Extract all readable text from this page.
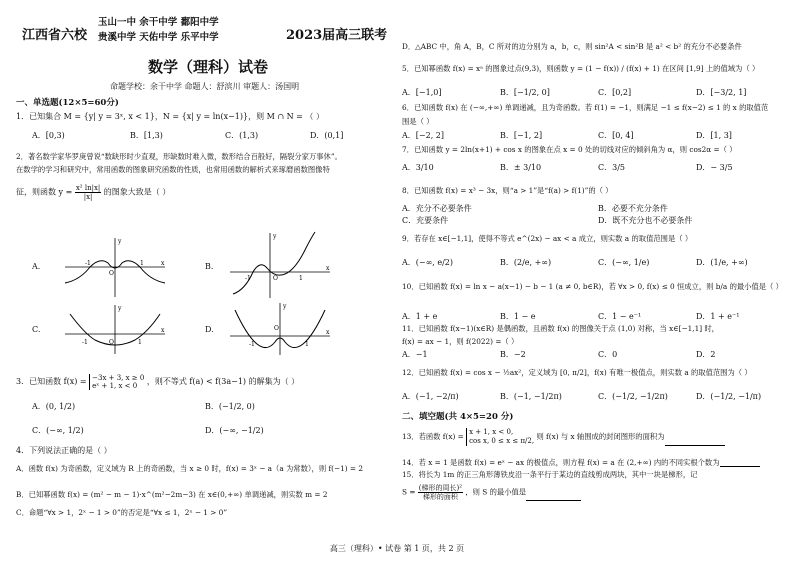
江西省六校
玉山一中 余干中学 鄱阳中学
贵溪中学 天佑中学 乐平中学	2023届高三联考
数学（理科）试卷
命题学校：余干中学 命题人：舒滨川 审题人：汤国明
一、单选题(12×5=60分)
1．已知集合 M = {y| y = 3ˣ, x < 1}，N = {x| y = ln(x−1)}，则 M ∩ N = （ ）
A．[0,3)	B．[1,3)	C．(1,3)	D．(0,1]
2．著名数学家华罗庚曾说“数缺形时少直观，形缺数时难入微，数形结合百般好，隔裂分家万事休”。
在数学的学习和研究中，常用函数的图象研究函数的性质，也常用函数的解析式来琢磨函数图像特
征，则函数 $y = \frac{\text{x² ln|x|}}{|x|}$ 的图象大致是（ ）
A.	x
y
-1	1
O
B.	x
y
-1	1
O
C.	x
y
-1	1
O
D.	x
y
-1	1
O
3．已知函数 f(x) = −3x + 3, x ≥ 0
eˣ + 1, x < 0	，则不等式 f(a) < f(3a−1) 的解集为（ ）
A．(0, 1/2)	B．(−1/2, 0)
C．(−∞, 1/2)	D．(−∞, −1/2)
4．下列说法正确的是（ ）
A．函数 f(x) 为奇函数，定义域为 R 上的奇函数，当 x ≥ 0 时，f(x) = 3ˣ − a（a 为常数），则 f(−1) = 2
B．已知幂函数 f(x) = (m² − m − 1)·x^(m²−2m−3) 在 x∈(0,+∞) 单调递减，则实数 m = 2
C．命题“∀x > 1，2ˣ − 1 > 0”的否定是“∀x ≤ 1，2ˣ − 1 > 0”
D．△ABC 中，角 A，B，C 所对的边分别为 a，b，c，则 sin²A < sin²B 是 a² < b² 的充分不必要条件
5．已知幂函数 f(x) = xᵃ 的图象过点(9,3)，则函数 y = (1 − f(x)) / (f(x) + 1) 在区间 [1,9] 上的值域为（ ）
A．[−1,0]	B．[−1/2, 0]	C．[0,2]	D．[−3/2, 1]
6．已知函数 f(x) 在 (−∞,+∞) 单调递减，且为奇函数。若 f(1) = −1，则满足 −1 ≤ f(x−2) ≤ 1 的 x 的取值范
围是（ ）
A．[−2, 2]	B．[−1, 2]	C．[0, 4]	D．[1, 3]
7．已知函数 y = 2ln(x+1) + cos x 的图象在点 x = 0 处的切线对应的倾斜角为 α，则 cos2α =（ ）
A．3/10	B．± 3/10	C．3/5	D．− 3/5
8．已知函数 f(x) = x³ − 3x，则“a > 1”是“f(a) > f(1)”的（ ）
A．充分不必要条件	B．必要不充分条件
C．充要条件	D．既不充分也不必要条件
9．若存在 x∈[−1,1]，使得不等式 e^(2x) − ax < a 成立，则实数 a 的取值范围是（ ）
A．(−∞, e/2)	B．(2/e, +∞)	C．(−∞, 1/e)	D．(1/e, +∞)
10．已知函数 f(x) = ln x − a(x−1) − b − 1 (a ≠ 0, b∈R)，若 ∀x > 0, f(x) ≤ 0 恒成立，则 b/a 的最小值是（ ）
A．1 + e	B．1 − e	C．1 − e⁻¹	D．1 + e⁻¹
11．已知函数 f(x−1)(x∈R) 是偶函数，且函数 f(x) 的图像关于点 (1,0) 对称，当 x∈[−1,1] 时，
f(x) = ax − 1，则 f(2022) =（ ）
A．−1	B．−2	C．0	D．2
12．已知函数 f(x) = cos x − ½ax²，定义域为 [0, π/2]，f(x) 有唯一极值点，则实数 a 的取值范围为（ ）
A．(−1, −2/π)	B．(−1, −1/2π)	C．(−1/2, −1/2π)	D．(−1/2, −1/π)
二、填空题(共 4×5=20 分)
13．若函数 f(x) = x + 1, x < 0,
cos x, 0 ≤ x ≤ π/2, 则 f(x) 与 x 轴围成的封闭图形的面积为
14．若 x = 1 是函数 f(x) = eˣ − ax 的极值点，则方程 f(x) = a 在 (2,+∞) 内的不同实根个数为
15．将长为 1m 的正三角形薄铁皮沿一条平行于某边的直线剪成两块，其中一块是梯形，记
$S = \frac{\text{(梯形的周长)²}}{\text{梯形的面积}}$ ，则 S 的最小值是
高三（理科）• 试卷 第 1 页，共 2 页
